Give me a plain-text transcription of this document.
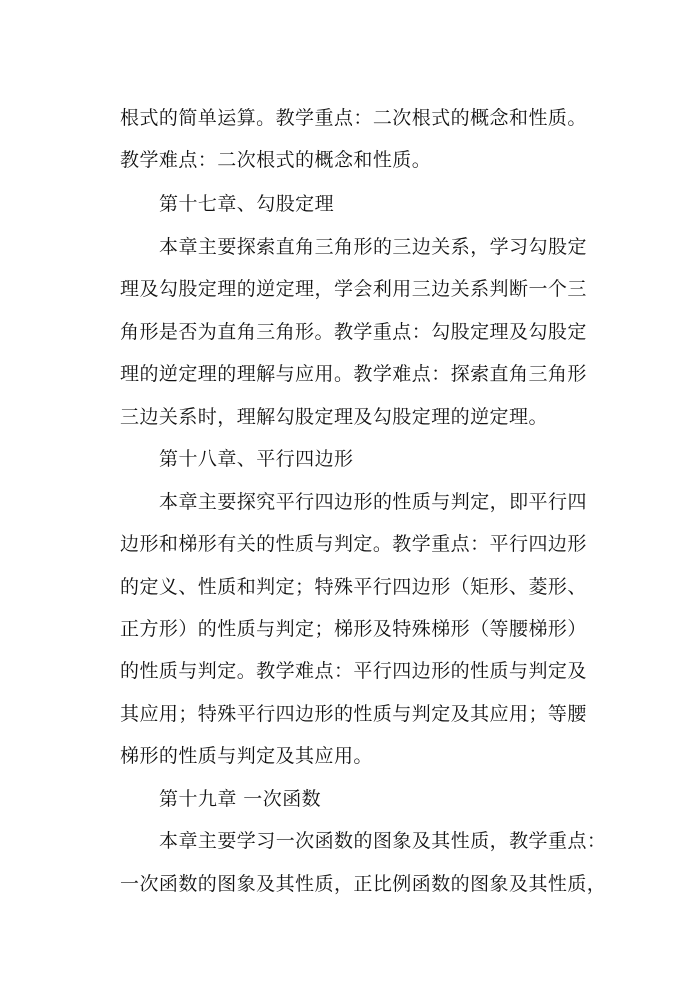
根式的简单运算。教学重点：二次根式的概念和性质。
教学难点：二次根式的概念和性质。
第十七章、勾股定理
本章主要探索直角三角形的三边关系，学习勾股定
理及勾股定理的逆定理，学会利用三边关系判断一个三
角形是否为直角三角形。教学重点：勾股定理及勾股定
理的逆定理的理解与应用。教学难点：探索直角三角形
三边关系时，理解勾股定理及勾股定理的逆定理。
第十八章、平行四边形
本章主要探究平行四边形的性质与判定，即平行四
边形和梯形有关的性质与判定。教学重点：平行四边形
的定义、性质和判定；特殊平行四边形（矩形、菱形、
正方形）的性质与判定；梯形及特殊梯形（等腰梯形）
的性质与判定。教学难点：平行四边形的性质与判定及
其应用；特殊平行四边形的性质与判定及其应用；等腰
梯形的性质与判定及其应用。
第十九章 一次函数
本章主要学习一次函数的图象及其性质，教学重点：
一次函数的图象及其性质，正比例函数的图象及其性质，
